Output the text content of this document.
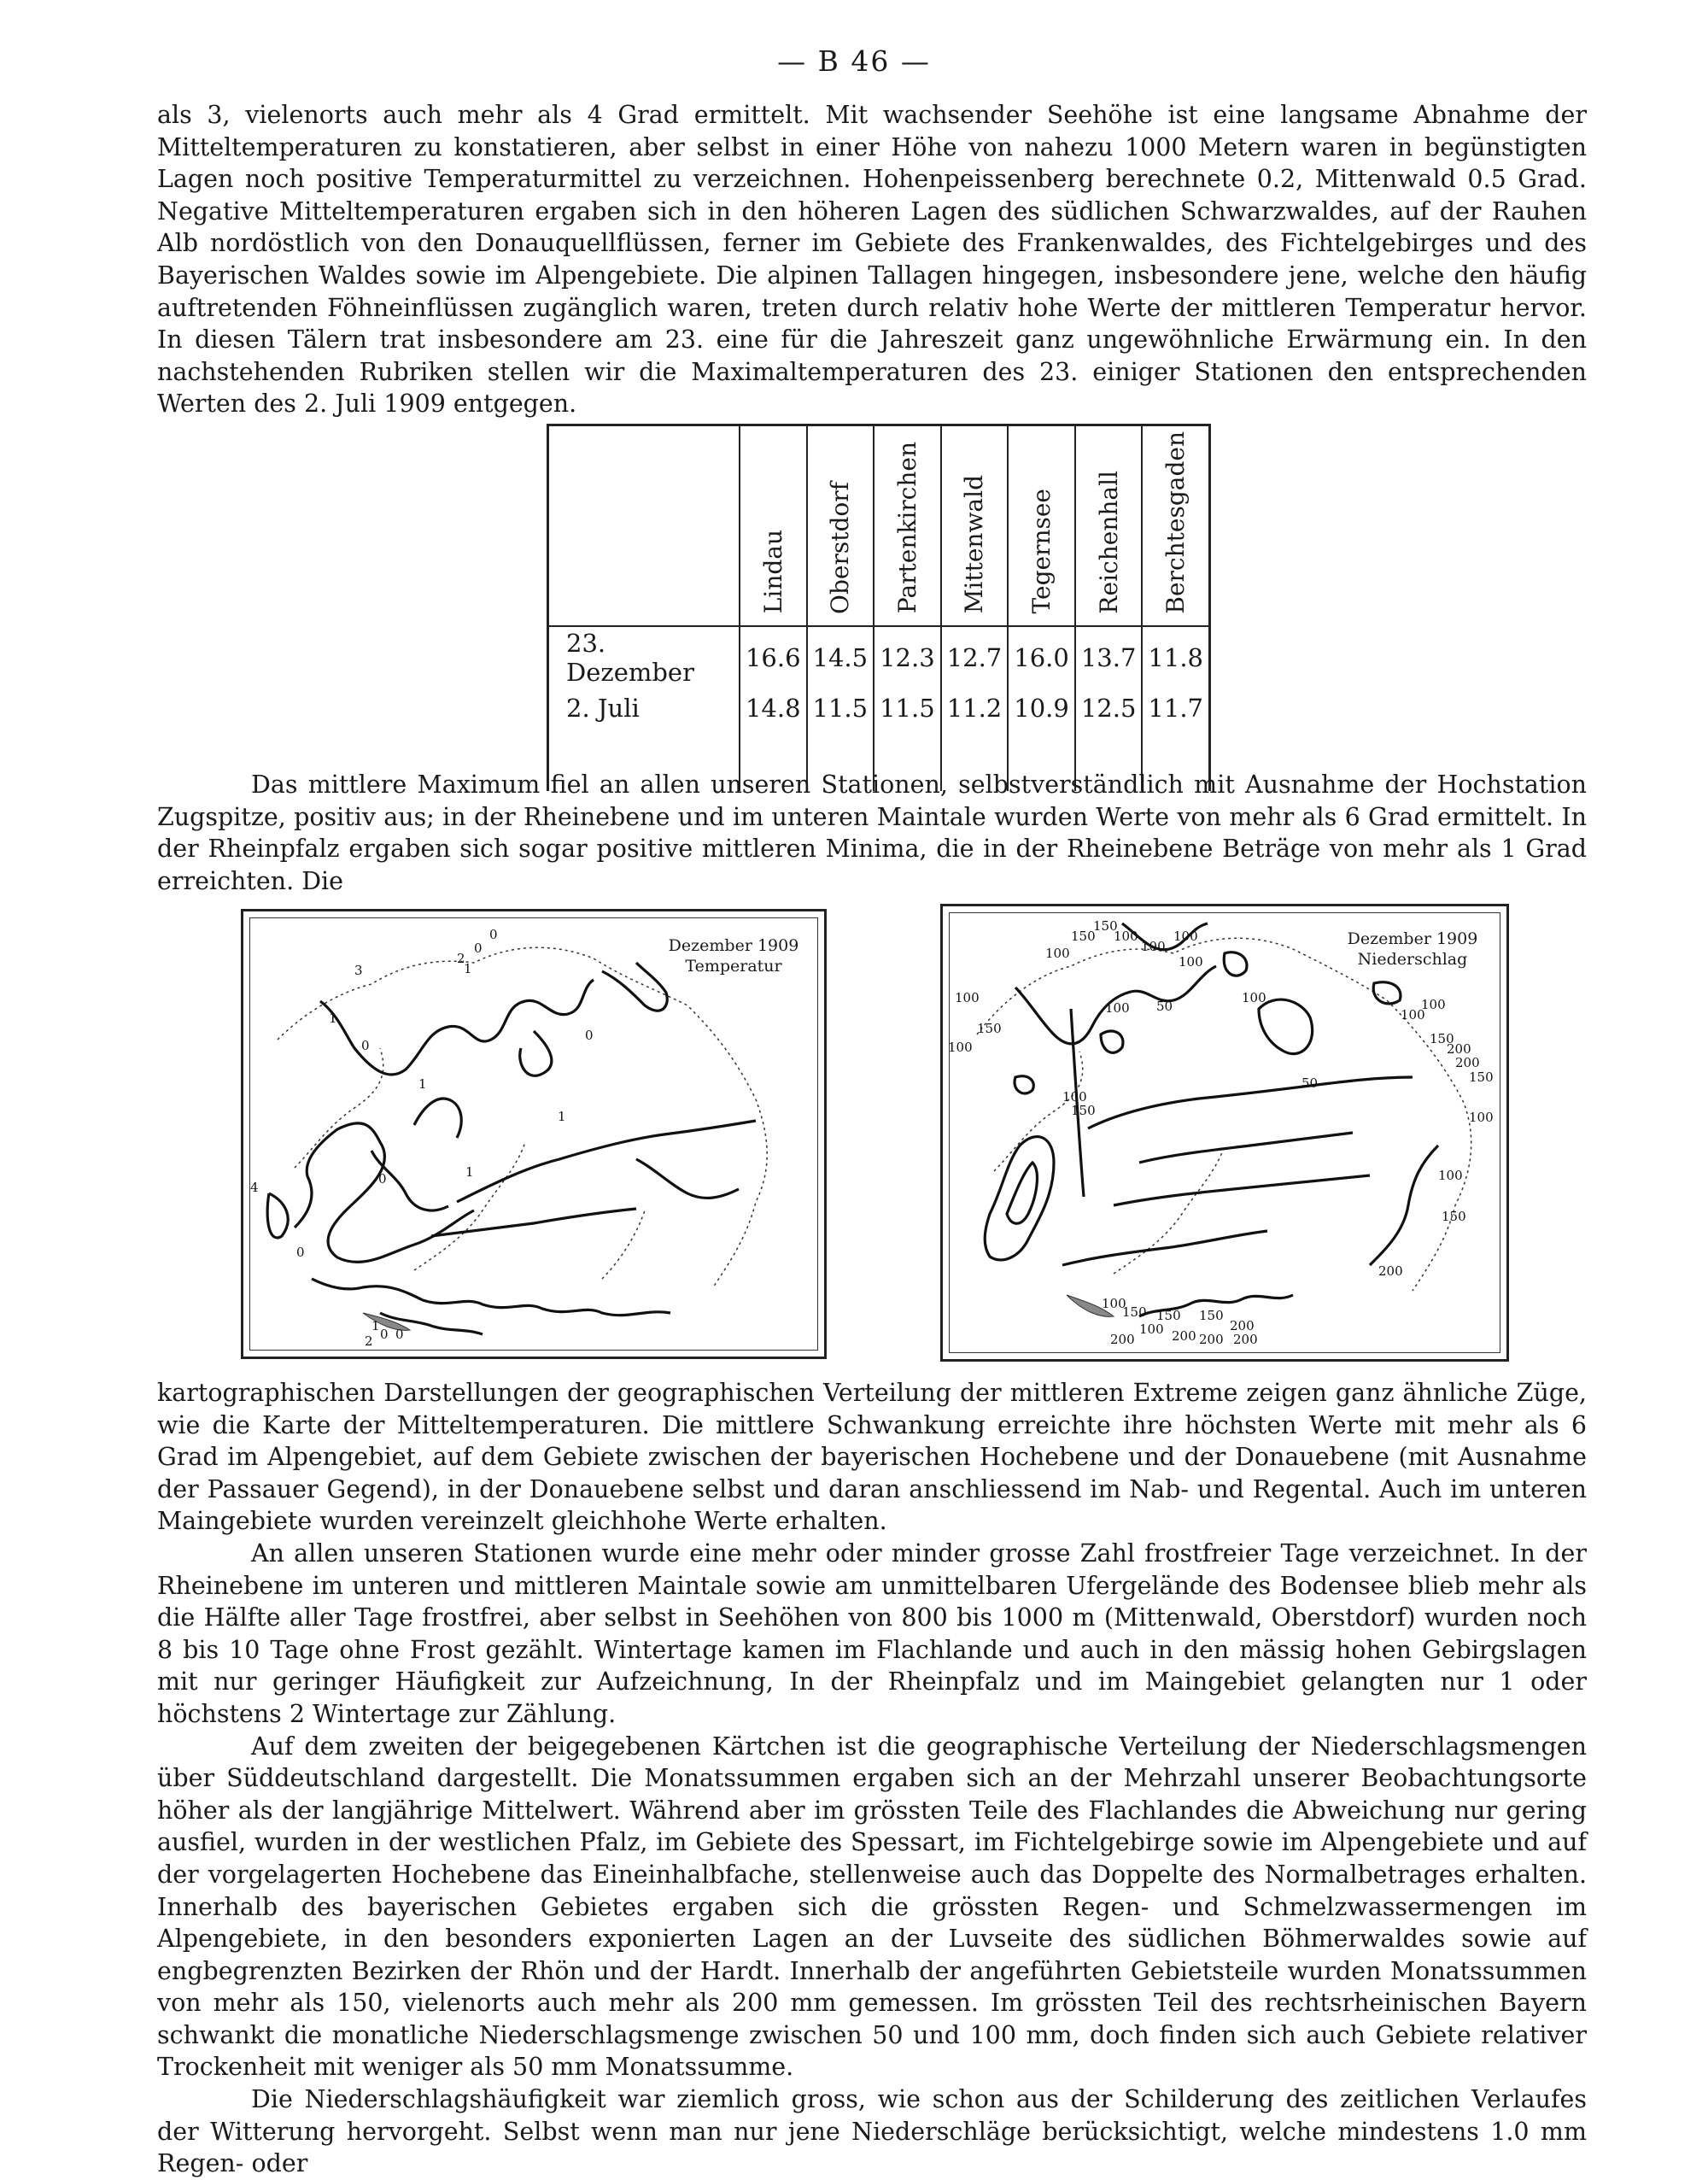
— B 46 —

als 3, vielenorts auch mehr als 4 Grad ermittelt. Mit wachsender Seehöhe ist eine langsame Abnahme der Mitteltemperaturen zu konstatieren, aber selbst in einer Höhe von nahezu 1000 Metern waren in begünstigten Lagen noch positive Temperaturmittel zu verzeichnen. Hohenpeissenberg berechnete 0.2, Mittenwald 0.5 Grad. Negative Mitteltemperaturen ergaben sich in den höheren Lagen des südlichen Schwarzwaldes, auf der Rauhen Alb nordöstlich von den Donauquellflüssen, ferner im Gebiete des Frankenwaldes, des Fichtelgebirges und des Bayerischen Waldes sowie im Alpengebiete. Die alpinen Tallagen hingegen, insbesondere jene, welche den häufig auftretenden Föhneinflüssen zugänglich waren, treten durch relativ hohe Werte der mittleren Temperatur hervor. In diesen Tälern trat insbesondere am 23. eine für die Jahreszeit ganz ungewöhnliche Erwärmung ein. In den nachstehenden Rubriken stellen wir die Maximaltemperaturen des 23. einiger Stationen den entsprechenden Werten des 2. Juli 1909 entgegen.

	Lindau	Oberstdorf	Partenkirchen	Mittenwald	Tegernsee	Reichenhall	Berchtesgaden
23. Dezember	16.6	14.5	12.3	12.7	16.0	13.7	11.8
2. Juli	14.8	11.5	11.5	11.2	10.9	12.5	11.7

Das mittlere Maximum fiel an allen unseren Stationen, selbstverständlich mit Ausnahme der Hochstation Zugspitze, positiv aus; in der Rheinebene und im unteren Maintale wurden Werte von mehr als 6 Grad ermittelt. In der Rheinpfalz ergaben sich sogar positive mittleren Minima, die in der Rheinebene Beträge von mehr als 1 Grad erreichten. Die

Dezember 1909
Temperatur
3
0
0
2
1
0
1
0
1
4
0
0
1
1
0
2
1
0
Dezember 1909
Niederschlag
150
150
100
100
100
100
100
100
100
100
150
100
50	100
100
150
200
200
150
50
100
150
100
100
150
100
150
200
100
150 150
200
200
200
200	200

kartographischen Darstellungen der geographischen Verteilung der mittleren Extreme zeigen ganz ähnliche Züge, wie die Karte der Mitteltemperaturen. Die mittlere Schwankung erreichte ihre höchsten Werte mit mehr als 6 Grad im Alpengebiet, auf dem Gebiete zwischen der bayerischen Hochebene und der Donauebene (mit Ausnahme der Passauer Gegend), in der Donauebene selbst und daran anschliessend im Nab- und Regental. Auch im unteren Maingebiete wurden vereinzelt gleichhohe Werte erhalten.

An allen unseren Stationen wurde eine mehr oder minder grosse Zahl frostfreier Tage verzeichnet. In der Rheinebene im unteren und mittleren Maintale sowie am unmittelbaren Ufergelände des Bodensee blieb mehr als die Hälfte aller Tage frostfrei, aber selbst in Seehöhen von 800 bis 1000 m (Mittenwald, Oberstdorf) wurden noch 8 bis 10 Tage ohne Frost gezählt. Wintertage kamen im Flachlande und auch in den mässig hohen Gebirgslagen mit nur geringer Häufigkeit zur Aufzeichnung, In der Rheinpfalz und im Maingebiet gelangten nur 1 oder höchstens 2 Wintertage zur Zählung.

Auf dem zweiten der beigegebenen Kärtchen ist die geographische Verteilung der Niederschlagsmengen über Süddeutschland dargestellt. Die Monatssummen ergaben sich an der Mehrzahl unserer Beobachtungsorte höher als der langjährige Mittelwert. Während aber im grössten Teile des Flachlandes die Abweichung nur gering ausfiel, wurden in der westlichen Pfalz, im Gebiete des Spessart, im Fichtelgebirge sowie im Alpengebiete und auf der vorgelagerten Hochebene das Eineinhalbfache, stellenweise auch das Doppelte des Normalbetrages erhalten. Innerhalb des bayerischen Gebietes ergaben sich die grössten Regen- und Schmelzwassermengen im Alpengebiete, in den besonders exponierten Lagen an der Luvseite des südlichen Böhmerwaldes sowie auf engbegrenzten Bezirken der Rhön und der Hardt. Innerhalb der angeführten Gebietsteile wurden Monatssummen von mehr als 150, vielenorts auch mehr als 200 mm gemessen. Im grössten Teil des rechtsrheinischen Bayern schwankt die monatliche Niederschlagsmenge zwischen 50 und 100 mm, doch finden sich auch Gebiete relativer Trockenheit mit weniger als 50 mm Monatssumme.

Die Niederschlagshäufigkeit war ziemlich gross, wie schon aus der Schilderung des zeitlichen Verlaufes der Witterung hervorgeht. Selbst wenn man nur jene Niederschläge berücksichtigt, welche mindestens 1.0 mm Regen- oder
